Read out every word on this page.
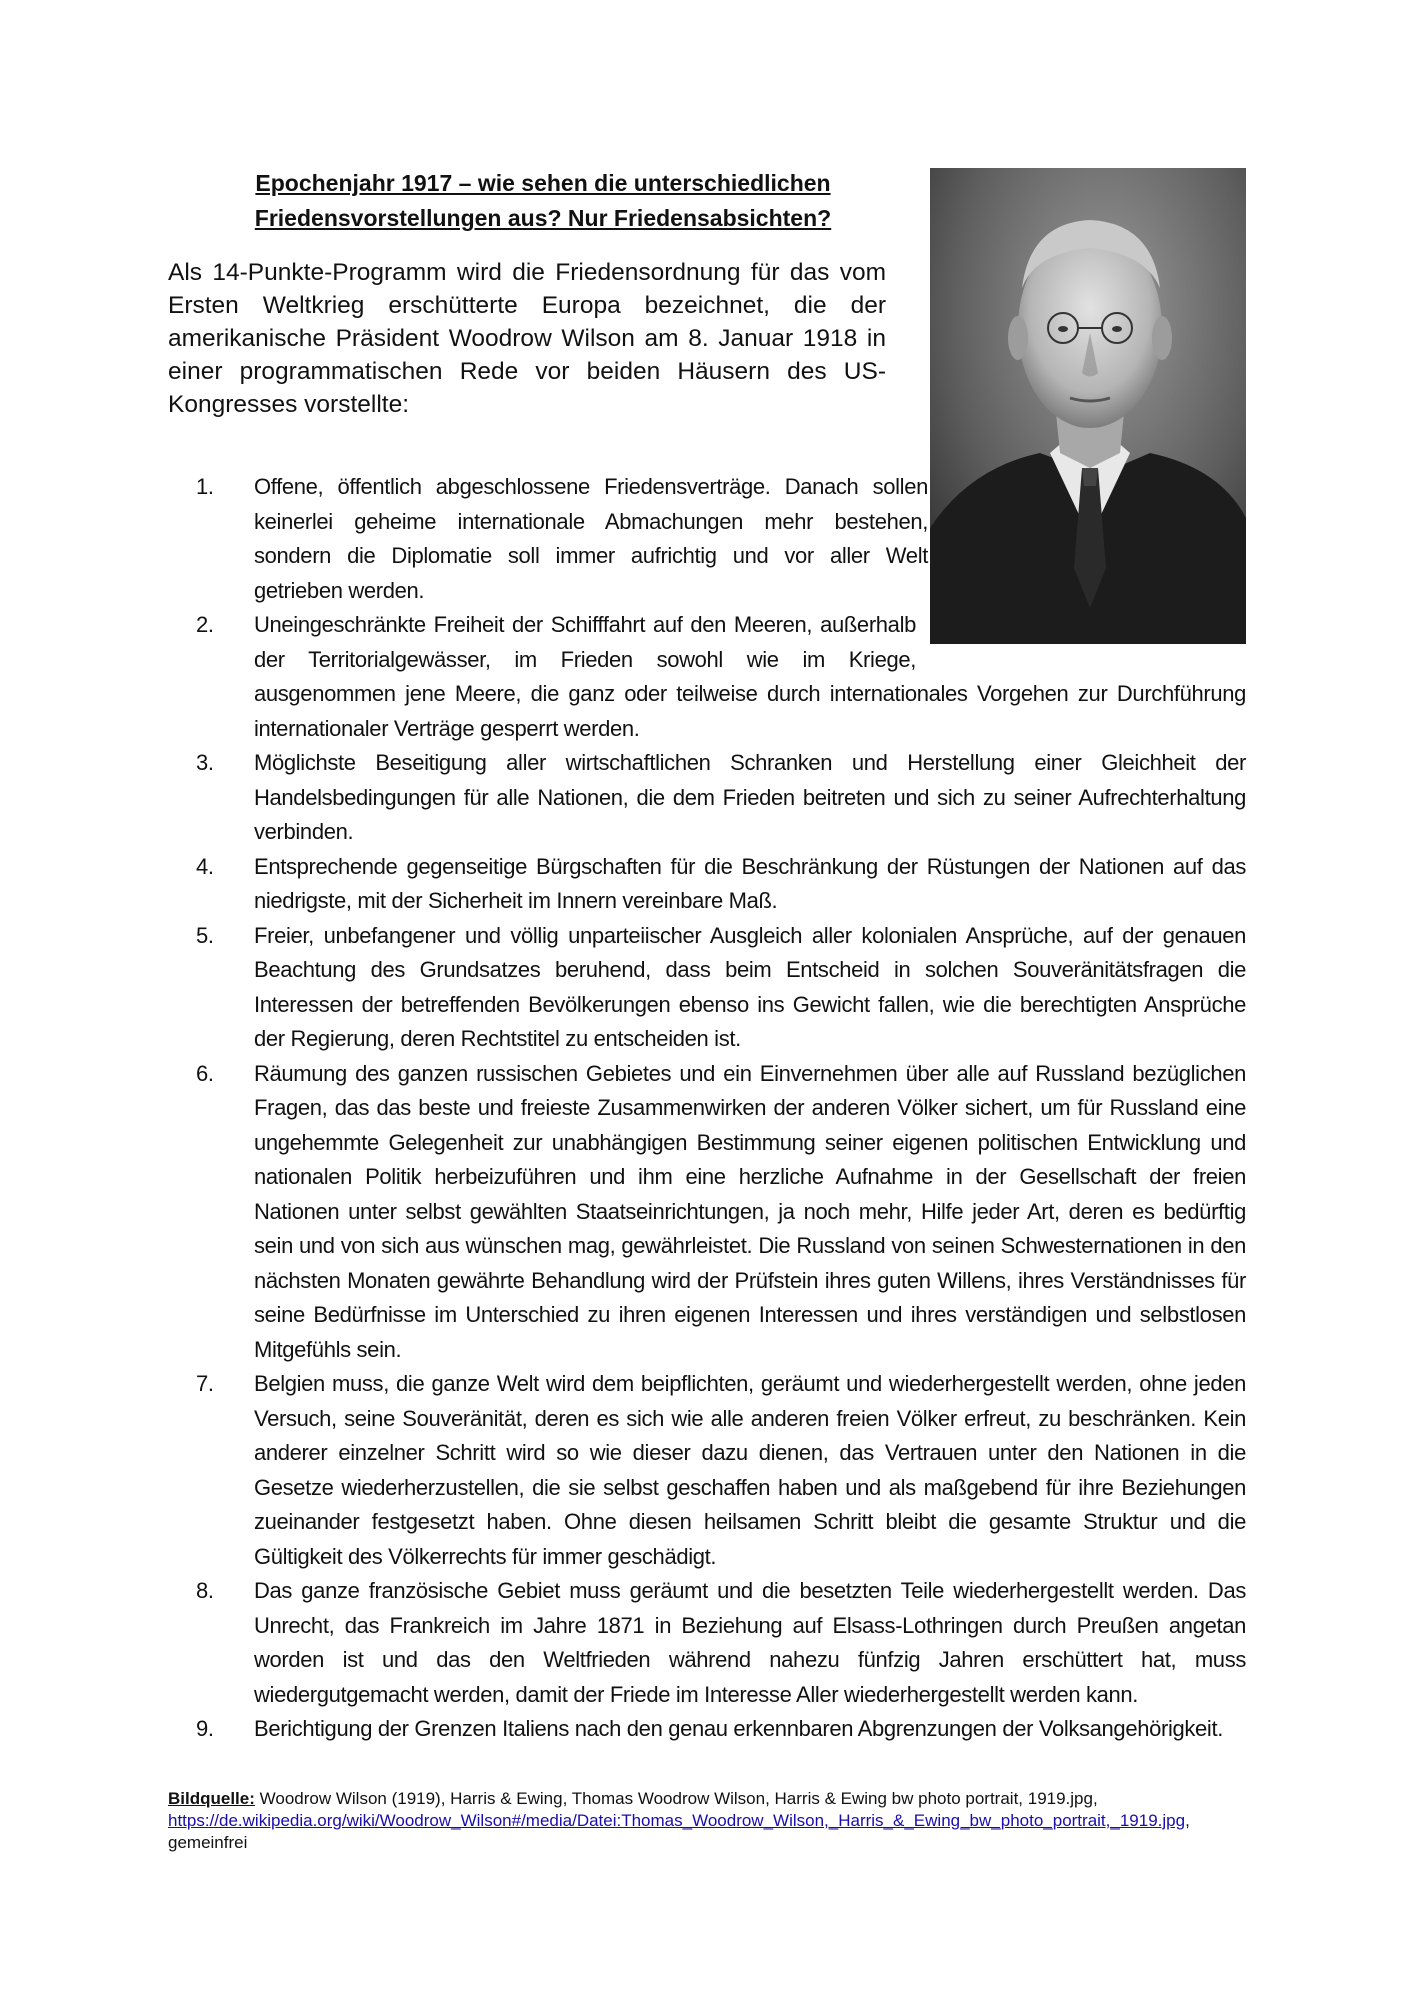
Epochenjahr 1917 – wie sehen die unterschiedlichen
Friedensvorstellungen aus? Nur Friedensabsichten?

Als 14-Punkte-Programm wird die Friedensordnung für das vom Ersten Weltkrieg erschütterte Europa bezeichnet, die der amerikanische Präsident Woodrow Wilson am 8. Januar 1918 in einer programmatischen Rede vor beiden Häusern des US-Kongresses vorstellte:

1.	Offene, öffentlich abgeschlossene Friedensverträge. Danach sollen keinerlei geheime internationale Abmachungen mehr bestehen, sondern die Diplomatie soll immer aufrichtig und vor aller Welt getrieben werden.
2.	Uneingeschränkte Freiheit der Schifffahrt auf den Meeren, außerhalb der Territorialgewässer, im Frieden sowohl wie im Kriege, ausgenommen jene Meere, die ganz oder teilweise durch internationales Vorgehen zur Durchführung internationaler Verträge gesperrt werden.
3.	Möglichste Beseitigung aller wirtschaftlichen Schranken und Herstellung einer Gleichheit der Handelsbedingungen für alle Nationen, die dem Frieden beitreten und sich zu seiner Aufrechterhaltung verbinden.
4.	Entsprechende gegenseitige Bürgschaften für die Beschränkung der Rüstungen der Nationen auf das niedrigste, mit der Sicherheit im Innern vereinbare Maß.
5.	Freier, unbefangener und völlig unparteiischer Ausgleich aller kolonialen Ansprüche, auf der genauen Beachtung des Grundsatzes beruhend, dass beim Entscheid in solchen Souveränitätsfragen die Interessen der betreffenden Bevölkerungen ebenso ins Gewicht fallen, wie die berechtigten Ansprüche der Regierung, deren Rechtstitel zu entscheiden ist.
6.	Räumung des ganzen russischen Gebietes und ein Einvernehmen über alle auf Russland bezüglichen Fragen, das das beste und freieste Zusammenwirken der anderen Völker sichert, um für Russland eine ungehemmte Gelegenheit zur unabhängigen Bestimmung seiner eigenen politischen Entwicklung und nationalen Politik herbeizuführen und ihm eine herzliche Aufnahme in der Gesellschaft der freien Nationen unter selbst gewählten Staatseinrichtungen, ja noch mehr, Hilfe jeder Art, deren es bedürftig sein und von sich aus wünschen mag, gewährleistet. Die Russland von seinen Schwesternationen in den nächsten Monaten gewährte Behandlung wird der Prüfstein ihres guten Willens, ihres Verständnisses für seine Bedürfnisse im Unterschied zu ihren eigenen Interessen und ihres verständigen und selbstlosen Mitgefühls sein.
7.	Belgien muss, die ganze Welt wird dem beipflichten, geräumt und wiederhergestellt werden, ohne jeden Versuch, seine Souveränität, deren es sich wie alle anderen freien Völker erfreut, zu beschränken. Kein anderer einzelner Schritt wird so wie dieser dazu dienen, das Vertrauen unter den Nationen in die Gesetze wiederherzustellen, die sie selbst geschaffen haben und als maßgebend für ihre Beziehungen zueinander festgesetzt haben. Ohne diesen heilsamen Schritt bleibt die gesamte Struktur und die Gültigkeit des Völkerrechts für immer geschädigt.
8.	Das ganze französische Gebiet muss geräumt und die besetzten Teile wiederhergestellt werden. Das Unrecht, das Frankreich im Jahre 1871 in Beziehung auf Elsass-Lothringen durch Preußen angetan worden ist und das den Weltfrieden während nahezu fünfzig Jahren erschüttert hat, muss wiedergutgemacht werden, damit der Friede im Interesse Aller wiederhergestellt werden kann.
9.	Berichtigung der Grenzen Italiens nach den genau erkennbaren Abgrenzungen der Volksangehörigkeit.

Bildquelle: Woodrow Wilson (1919), Harris & Ewing, Thomas Woodrow Wilson, Harris & Ewing bw photo portrait, 1919.jpg,
https://de.wikipedia.org/wiki/Woodrow_Wilson#/media/Datei:Thomas_Woodrow_Wilson,_Harris_&_Ewing_bw_photo_portrait,_1919.jpg, gemeinfrei
